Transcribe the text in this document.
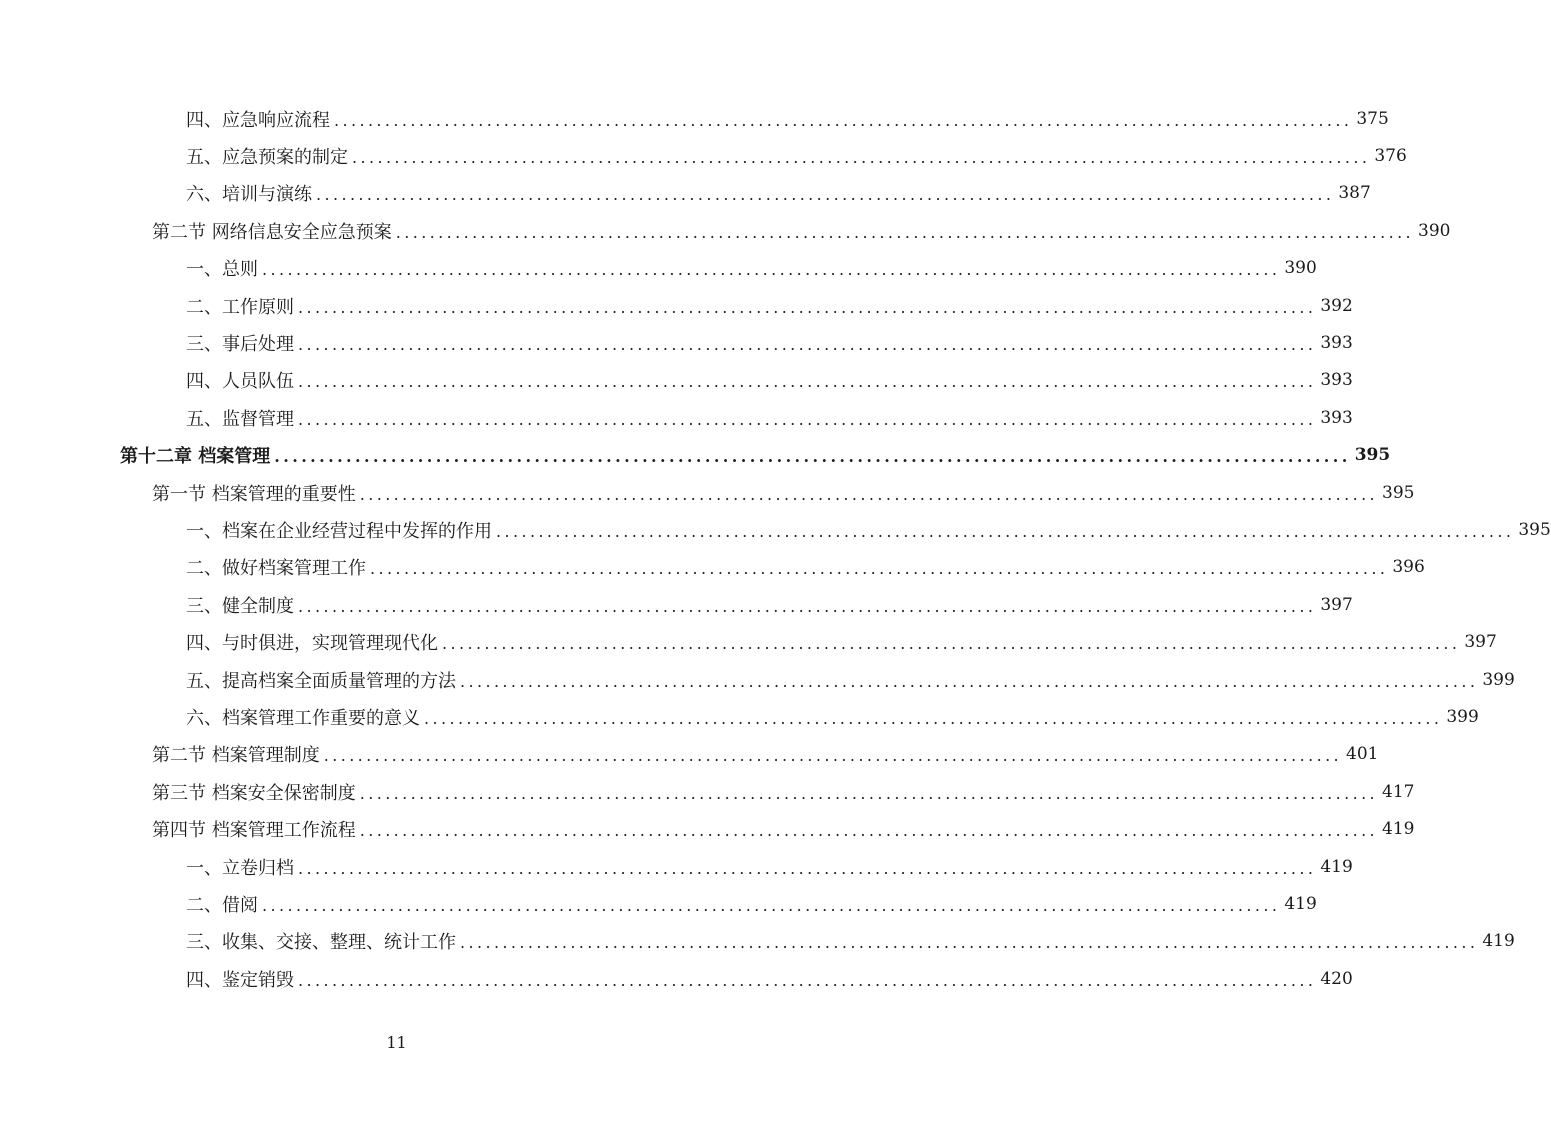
四、应急响应流程 ........................................................................................................................ 375
五、应急预案的制定 ........................................................................................................................ 376
六、培训与演练 ........................................................................................................................ 387
第二节 网络信息安全应急预案 ........................................................................................................................ 390
一、总则 ........................................................................................................................ 390
二、工作原则 ........................................................................................................................ 392
三、事后处理 ........................................................................................................................ 393
四、人员队伍 ........................................................................................................................ 393
五、监督管理 ........................................................................................................................ 393
第十二章 档案管理 ........................................................................................................................ 395
第一节 档案管理的重要性 ........................................................................................................................ 395
一、档案在企业经营过程中发挥的作用 ........................................................................................................................ 395
二、做好档案管理工作 ........................................................................................................................ 396
三、健全制度 ........................................................................................................................ 397
四、与时俱进，实现管理现代化 ........................................................................................................................ 397
五、提高档案全面质量管理的方法 ........................................................................................................................ 399
六、档案管理工作重要的意义 ........................................................................................................................ 399
第二节 档案管理制度 ........................................................................................................................ 401
第三节 档案安全保密制度 ........................................................................................................................ 417
第四节 档案管理工作流程 ........................................................................................................................ 419
一、立卷归档 ........................................................................................................................ 419
二、借阅 ........................................................................................................................ 419
三、收集、交接、整理、统计工作 ........................................................................................................................ 419
四、鉴定销毁 ........................................................................................................................ 420
11
